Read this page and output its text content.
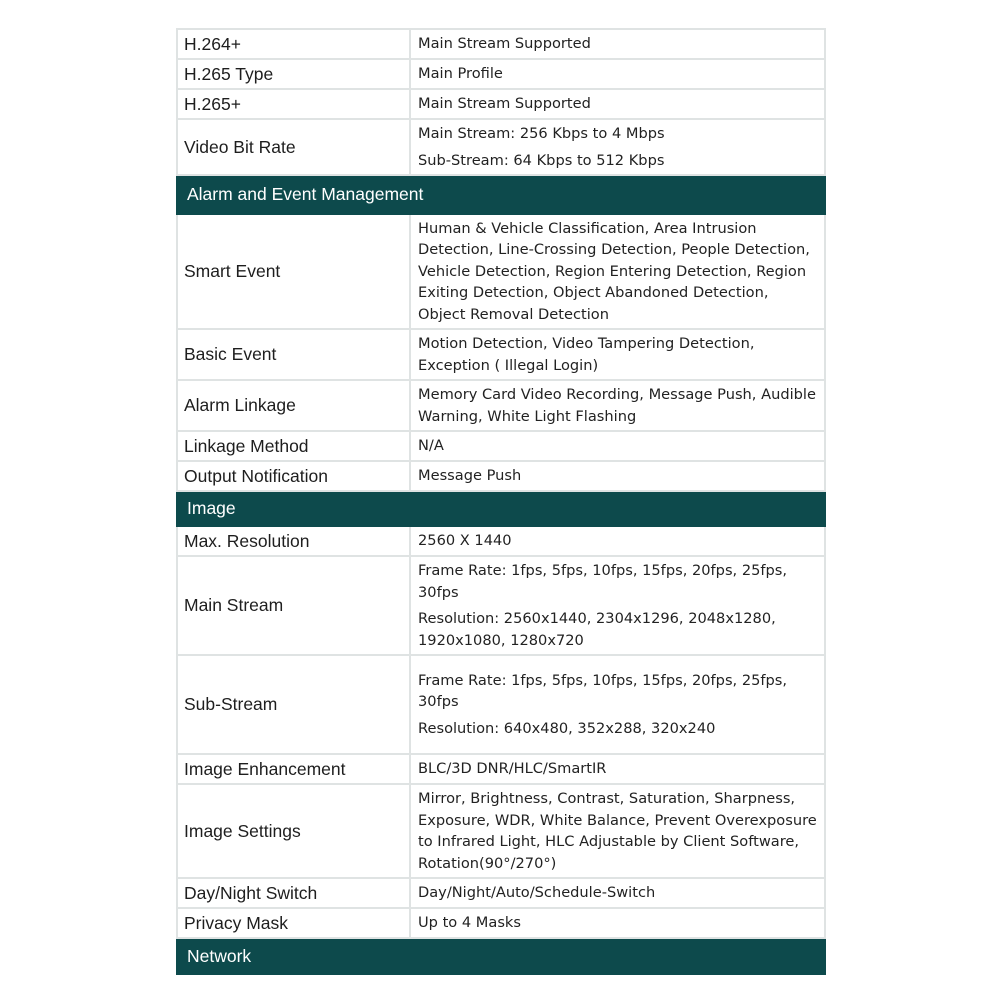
H.264+	Main Stream Supported

H.265 Type	Main Profile

H.265+	Main Stream Supported

Video Bit Rate	Main Stream: 256 Kbps to 4 Mbps
Sub-Stream: 64 Kbps to 512 Kbps

Alarm and Event Management	
Smart Event	Human & Vehicle Classification, Area Intrusion Detection, Line-Crossing Detection, People Detection, Vehicle Detection, Region Entering Detection, Region Exiting Detection, Object Abandoned Detection, Object Removal Detection

Basic Event	Motion Detection, Video Tampering Detection, Exception ( Illegal Login)

Alarm Linkage	Memory Card Video Recording, Message Push, Audible Warning, White Light Flashing

Linkage Method	N/A

Output Notification	Message Push

Image	
Max. Resolution	2560 X 1440

Main Stream	Frame Rate: 1fps, 5fps, 10fps, 15fps, 20fps, 25fps, 30fps
Resolution: 2560x1440, 2304x1296, 2048x1280, 1920x1080, 1280x720

Sub-Stream	Frame Rate: 1fps, 5fps, 10fps, 15fps, 20fps, 25fps, 30fps
Resolution: 640x480, 352x288, 320x240

Image Enhancement	BLC/3D DNR/HLC/SmartIR

Image Settings	Mirror, Brightness, Contrast, Saturation, Sharpness, Exposure, WDR, White Balance, Prevent Overexposure to Infrared Light, HLC Adjustable by Client Software, Rotation(90°/270°)

Day/Night Switch	Day/Night/Auto/Schedule-Switch

Privacy Mask	Up to 4 Masks

Network	
